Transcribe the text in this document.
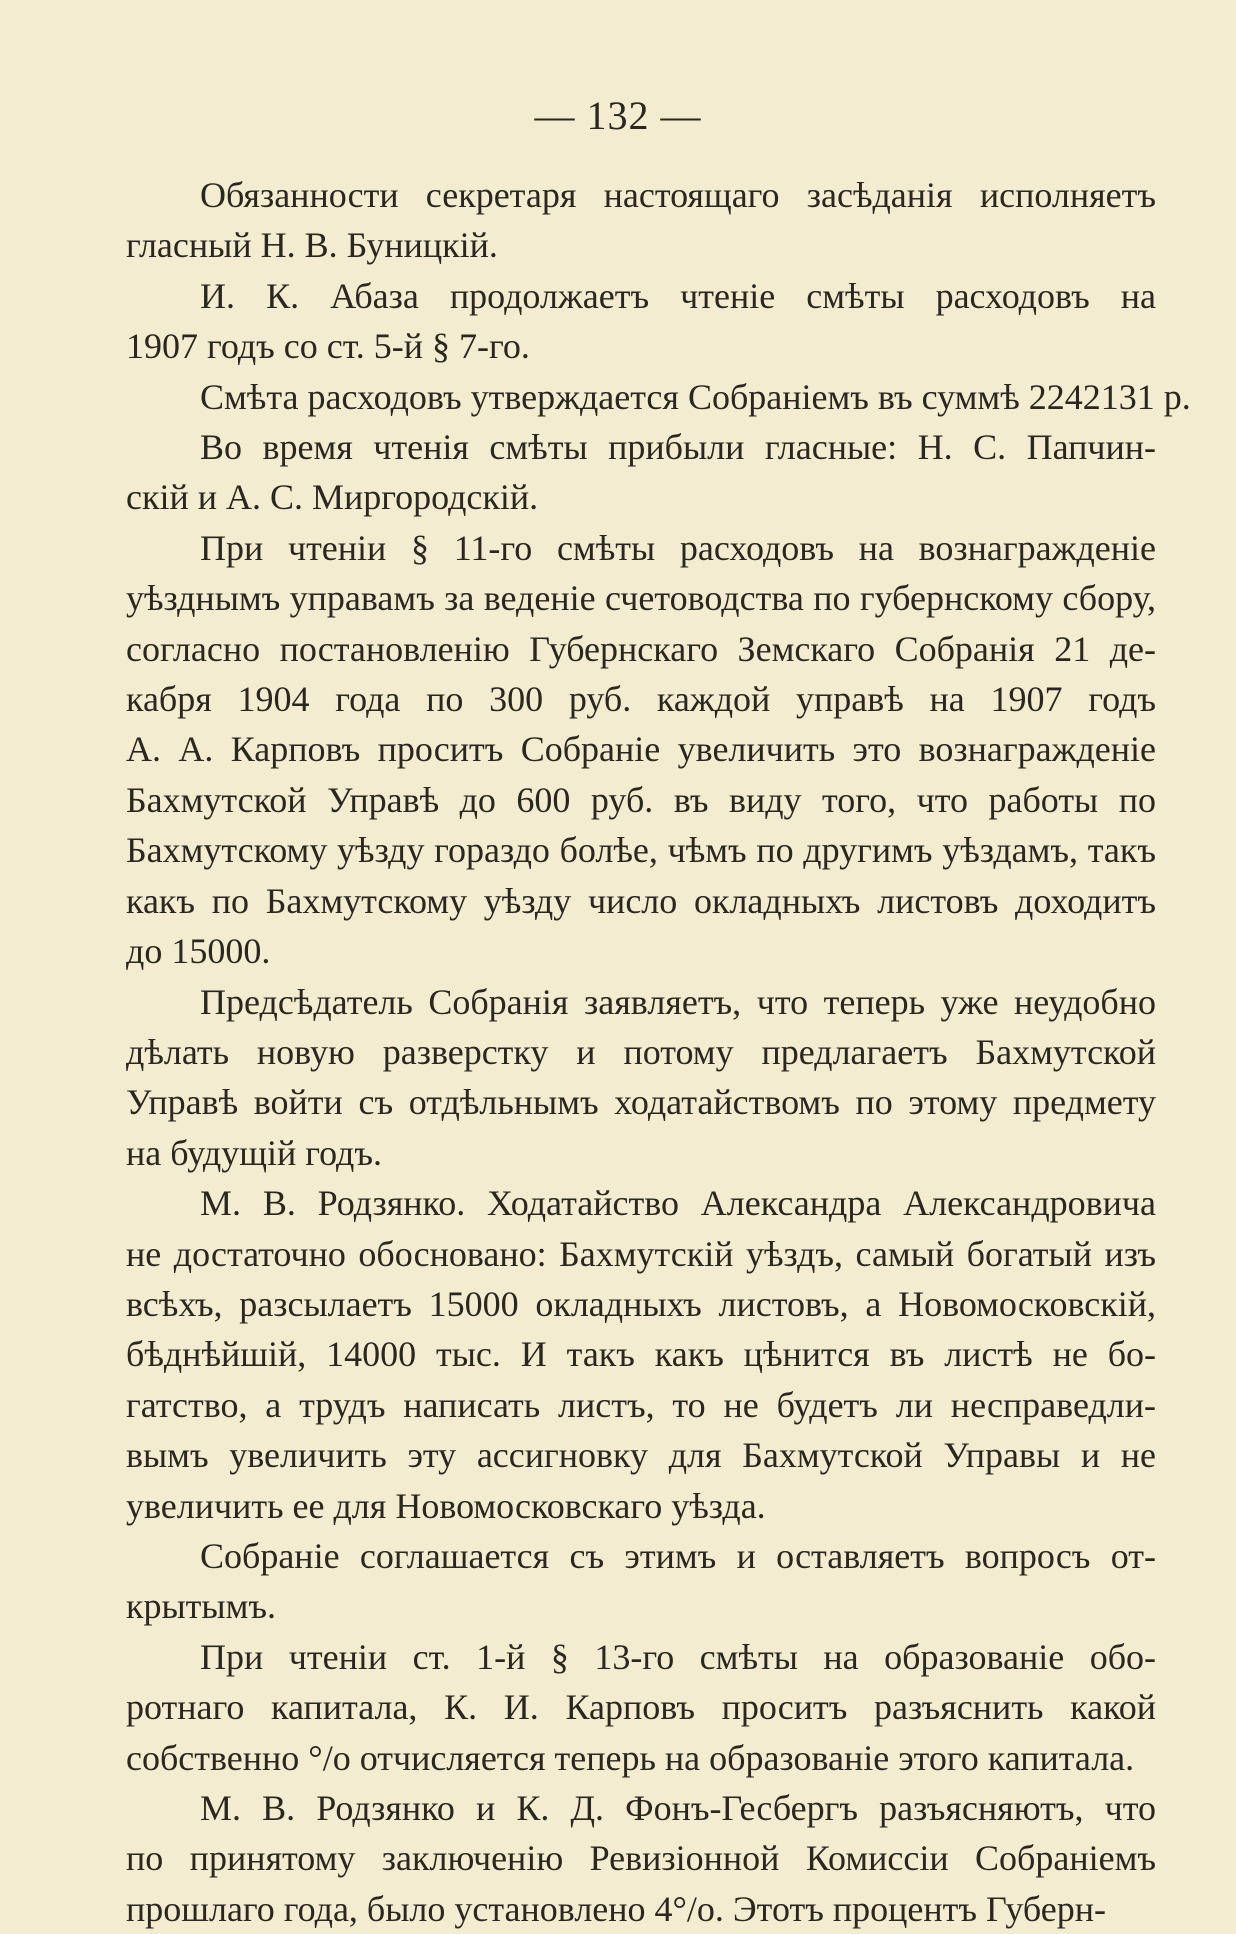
— 132 —
Обязанности секретаря настоящаго засѣданія исполняетъ
гласный Н. В. Буницкій.
И. К. Абаза продолжаетъ чтеніе смѣты расходовъ на
1907 годъ со ст. 5-й § 7-го.
Смѣта расходовъ утверждается Собраніемъ въ суммѣ 2242131 р.
Во время чтенія смѣты прибыли гласные: Н. С. Папчин-
скій и А. С. Миргородскій.
При чтеніи § 11-го смѣты расходовъ на вознагражденіе
уѣзднымъ управамъ за веденіе счетоводства по губернскому сбору,
согласно постановленію Губернскаго Земскаго Собранія 21 де-
кабря 1904 года по 300 руб. каждой управѣ на 1907 годъ
А. А. Карповъ проситъ Собраніе увеличить это вознагражденіе
Бахмутской Управѣ до 600 руб. въ виду того, что работы по
Бахмутскому уѣзду гораздо болѣе, чѣмъ по другимъ уѣздамъ, такъ
какъ по Бахмутскому уѣзду число окладныхъ листовъ доходитъ
до 15000.
Предсѣдатель Собранія заявляетъ, что теперь уже неудобно
дѣлать новую разверстку и потому предлагаетъ Бахмутской
Управѣ войти съ отдѣльнымъ ходатайствомъ по этому предмету
на будущій годъ.
М. В. Родзянко. Ходатайство Александра Александровича
не достаточно обосновано: Бахмутскій уѣздъ, самый богатый изъ
всѣхъ, разсылаетъ 15000 окладныхъ листовъ, а Новомосковскій,
бѣднѣйшій, 14000 тыс. И такъ какъ цѣнится въ листѣ не бо-
гатство, а трудъ написать листъ, то не будетъ ли несправедли-
вымъ увеличить эту ассигновку для Бахмутской Управы и не
увеличить ее для Новомосковскаго уѣзда.
Собраніе соглашается съ этимъ и оставляетъ вопросъ от-
крытымъ.
При чтеніи ст. 1-й § 13-го смѣты на образованіе обо-
ротнаго капитала, К. И. Карповъ проситъ разъяснить какой
собственно °/о отчисляется теперь на образованіе этого капитала.
М. В. Родзянко и К. Д. Фонъ-Гесбергъ разъясняютъ, что
по принятому заключенію Ревизіонной Комиссіи Собраніемъ
прошлаго года, было установлено 4°/о. Этотъ процентъ Губерн-
